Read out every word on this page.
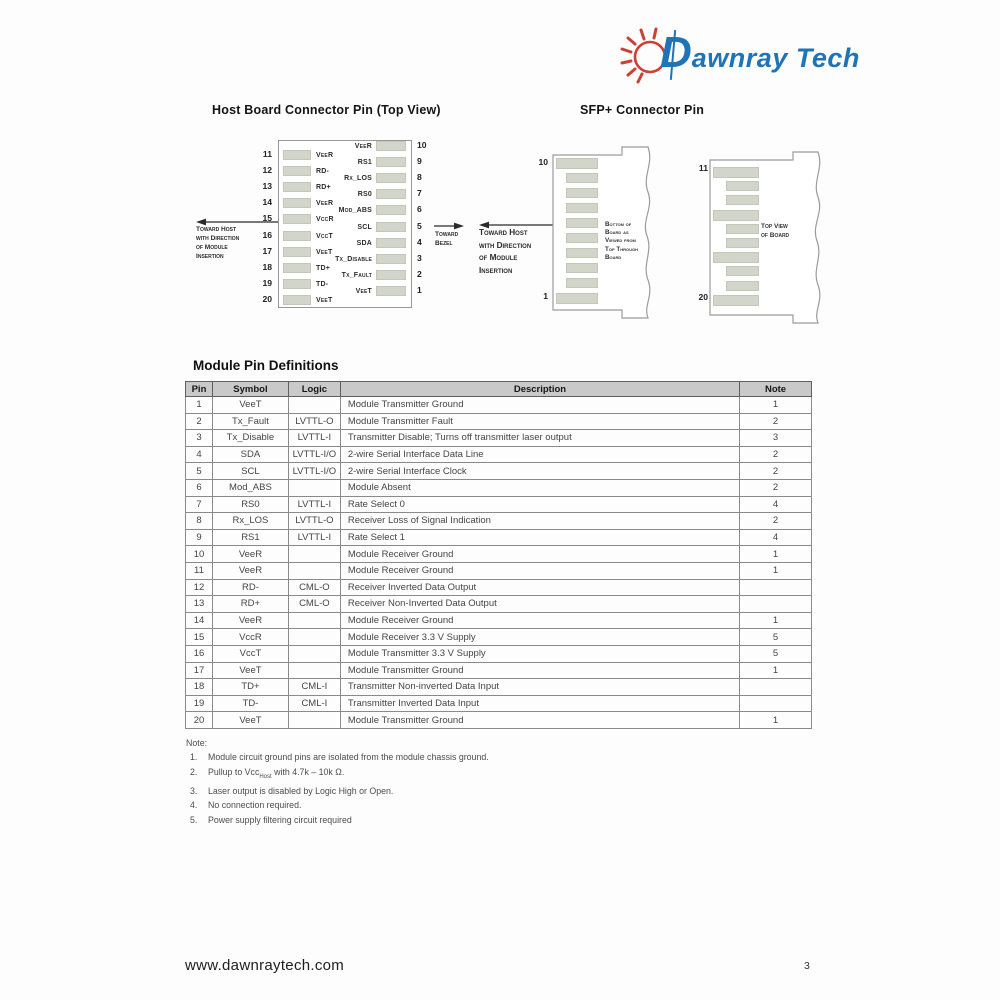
Dawnray Tech
Host Board Connector Pin (Top View)	SFP+ Connector Pin
11	VeeR
12	RD-
13	RD+
14	VeeR
15	VccR
16	VccT
17	VeeT
18	TD+
19	TD-
20	VeeT
VeeR	10
RS1	9
Rx_LOS	8
RS0	7
Mod_ABS	6
SCL	5
SDA	4
Tx_Disable	3
Tx_Fault	2
VeeT	1
Toward Host
with Direction
of Module
Insertion
Toward
Bezel
Toward Host
with Direction
of Module
Insertion
10
1
Bottom of
Board as
Viewed from
Top Through
Board
11
20
Top View
of Board
Module Pin Definitions
Pin	Symbol	Logic	Description	Note
1	VeeT		Module Transmitter Ground	1
2	Tx_Fault	LVTTL-O	Module Transmitter Fault	2
3	Tx_Disable	LVTTL-I	Transmitter Disable; Turns off transmitter laser output	3
4	SDA	LVTTL-I/O	2-wire Serial Interface Data Line	2
5	SCL	LVTTL-I/O	2-wire Serial Interface Clock	2
6	Mod_ABS		Module Absent	2
7	RS0	LVTTL-I	Rate Select 0	4
8	Rx_LOS	LVTTL-O	Receiver Loss of Signal Indication	2
9	RS1	LVTTL-I	Rate Select 1	4
10	VeeR		Module Receiver Ground	1
11	VeeR		Module Receiver Ground	1
12	RD-	CML-O	Receiver Inverted Data Output	
13	RD+	CML-O	Receiver Non-Inverted Data Output	
14	VeeR		Module Receiver Ground	1
15	VccR		Module Receiver 3.3 V Supply	5
16	VccT		Module Transmitter 3.3 V Supply	5
17	VeeT		Module Transmitter Ground	1
18	TD+	CML-I	Transmitter Non-inverted Data Input	
19	TD-	CML-I	Transmitter Inverted Data Input	
20	VeeT		Module Transmitter Ground	1
Note:
1. Module circuit ground pins are isolated from the module chassis ground.
2. Pullup to Vcc$_{Host}$ with 4.7k – 10k Ω.
3. Laser output is disabled by Logic High or Open.
4. No connection required.
5. Power supply filtering circuit required
www.dawnraytech.com	3
